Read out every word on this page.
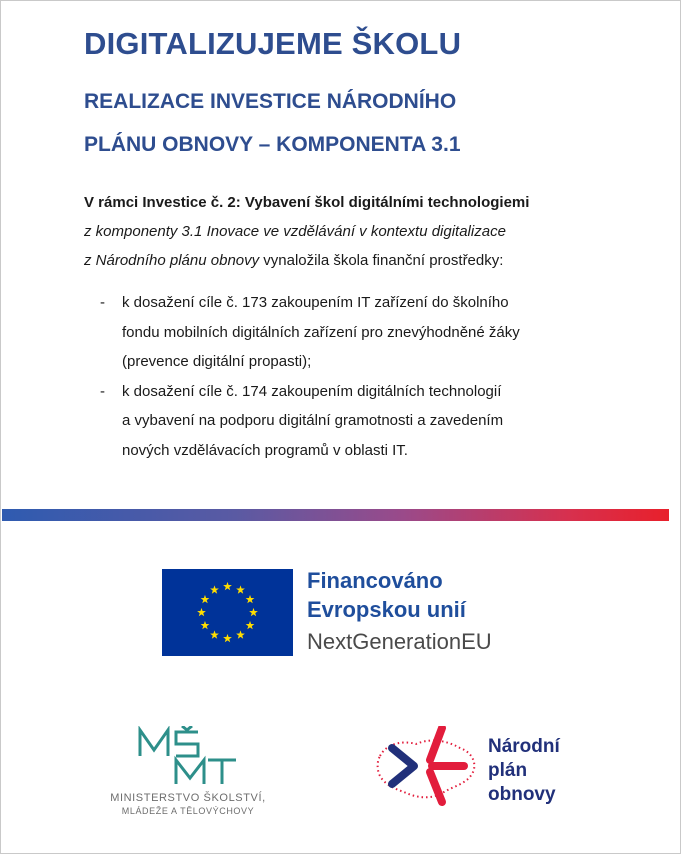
DIGITALIZUJEME ŠKOLU
REALIZACE INVESTICE NÁRODNÍHO
PLÁNU OBNOVY – KOMPONENTA 3.1
V rámci Investice č. 2: Vybavení škol digitálními technologiemi
z komponenty 3.1 Inovace ve vzdělávání v kontextu digitalizace
z Národního plánu obnovy vynaložila škola finanční prostředky:
-	k dosažení cíle č. 173 zakoupením IT zařízení do školního
fondu mobilních digitálních zařízení pro znevýhodněné žáky
(prevence digitální propasti);
-	k dosažení cíle č. 174 zakoupením digitálních technologií
a vybavení na podporu digitální gramotnosti a zavedením
nových vzdělávacích programů v oblasti IT.
Financováno
Evropskou unií
NextGenerationEU
MINISTERSTVO ŠKOLSTVÍ,
MLÁDEŽE A TĚLOVÝCHOVY
Národní
plán
obnovy
